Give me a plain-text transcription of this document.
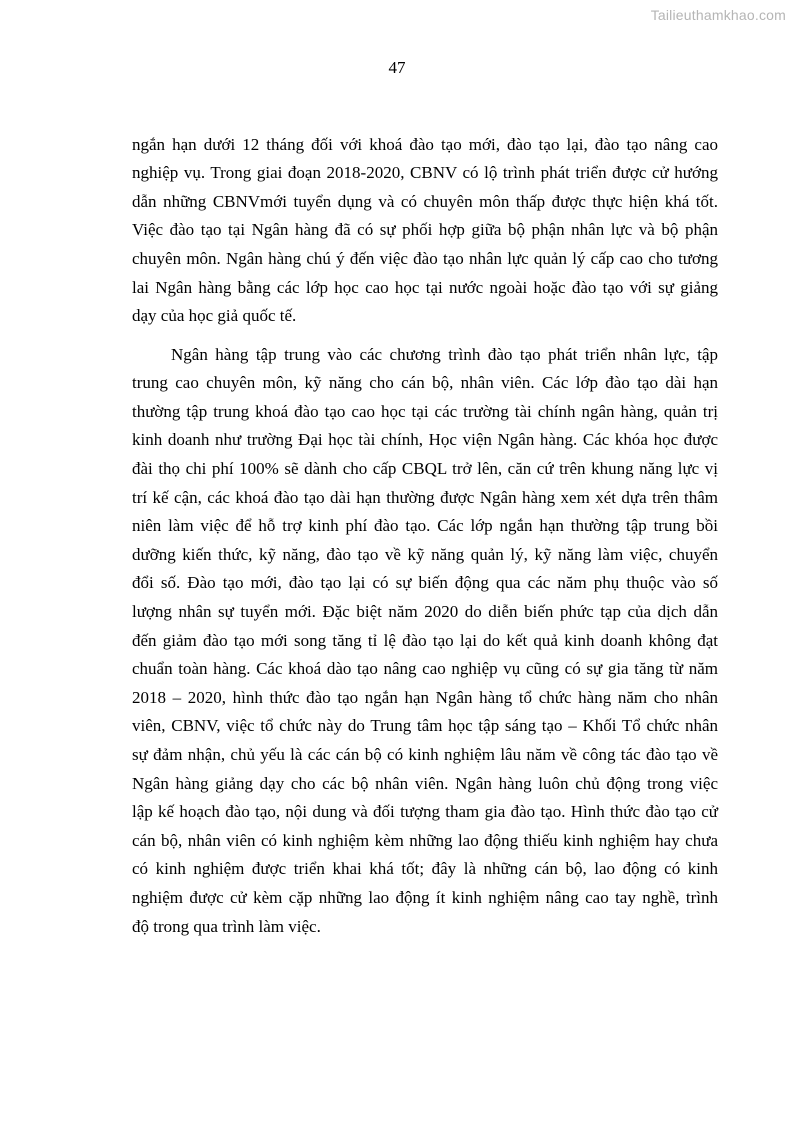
Tailieuthamkhao.com
47
ngắn hạn dưới 12 tháng đối với khoá đào tạo mới, đào tạo lại, đào tạo nâng cao
nghiệp vụ. Trong giai đoạn 2018-2020, CBNV có lộ trình phát triển được cử hướng
dẫn những CBNVmới tuyển dụng và có chuyên môn thấp được thực hiện khá tốt.
Việc đào tạo tại Ngân hàng đã có sự phối hợp giữa bộ phận nhân lực và bộ phận
chuyên môn. Ngân hàng chú ý đến việc đào tạo nhân lực quản lý cấp cao cho tương
lai Ngân hàng bằng các lớp học cao học tại nước ngoài hoặc đào tạo với sự giảng
dạy của học giả quốc tế.
Ngân hàng tập trung vào các chương trình đào tạo phát triển nhân lực, tập
trung cao chuyên môn, kỹ năng cho cán bộ, nhân viên. Các lớp đào tạo dài hạn
thường tập trung khoá đào tạo cao học tại các trường tài chính ngân hàng, quản trị
kinh doanh như trường Đại học tài chính, Học viện Ngân hàng. Các khóa học được
đài thọ chi phí 100% sẽ dành cho cấp CBQL trở lên, căn cứ trên khung năng lực vị
trí kế cận, các khoá đào tạo dài hạn thường được Ngân hàng xem xét dựa trên thâm
niên làm việc để hỗ trợ kinh phí đào tạo. Các lớp ngắn hạn thường tập trung bồi
dưỡng kiến thức, kỹ năng, đào tạo về kỹ năng quản lý, kỹ năng làm việc, chuyển
đổi số. Đào tạo mới, đào tạo lại có sự biến động qua các năm phụ thuộc vào số
lượng nhân sự tuyển mới. Đặc biệt năm 2020 do diễn biến phức tạp của dịch dẫn
đến giảm đào tạo mới song tăng tỉ lệ đào tạo lại do kết quả kinh doanh không đạt
chuẩn toàn hàng. Các khoá dào tạo nâng cao nghiệp vụ cũng có sự gia tăng từ năm
2018 – 2020, hình thức đào tạo ngắn hạn Ngân hàng tổ chức hàng năm cho nhân
viên, CBNV, việc tổ chức này do Trung tâm học tập sáng tạo – Khối Tổ chức nhân
sự đảm nhận, chủ yếu là các cán bộ có kinh nghiệm lâu năm về công tác đào tạo về
Ngân hàng giảng dạy cho các bộ nhân viên. Ngân hàng luôn chủ động trong việc
lập kế hoạch đào tạo, nội dung và đối tượng tham gia đào tạo. Hình thức đào tạo cử
cán bộ, nhân viên có kinh nghiệm kèm những lao động thiếu kinh nghiệm hay chưa
có kinh nghiệm được triển khai khá tốt; đây là những cán bộ, lao động có kinh
nghiệm được cử kèm cặp những lao động ít kinh nghiệm nâng cao tay nghề, trình
độ trong qua trình làm việc.
